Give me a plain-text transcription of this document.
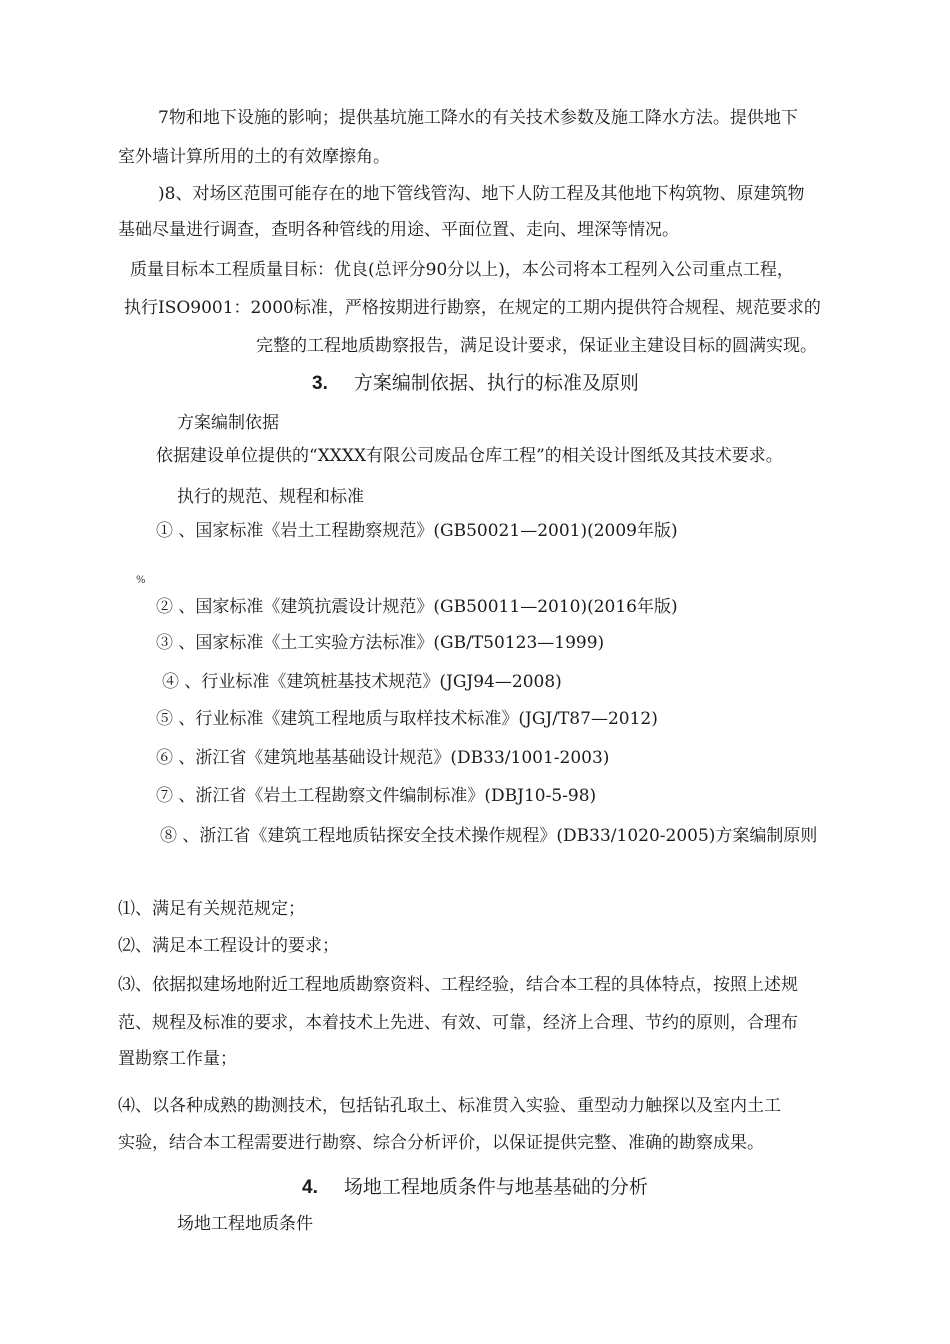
7物和地下设施的影响；提供基坑施工降水的有关技术参数及施工降水方法。提供地下
室外墙计算所用的土的有效摩擦角。
)8、对场区范围可能存在的地下管线管沟、地下人防工程及其他地下构筑物、原建筑物
基础尽量进行调查，查明各种管线的用途、平面位置、走向、埋深等情况。
质量目标本工程质量目标：优良(总评分90分以上)，本公司将本工程列入公司重点工程，
执行ISO9001：2000标准，严格按期进行勘察，在规定的工期内提供符合规程、规范要求的
完整的工程地质勘察报告，满足设计要求，保证业主建设目标的圆满实现。
3. 方案编制依据、执行的标准及原则
方案编制依据
依据建设单位提供的“XXXX有限公司废品仓库工程”的相关设计图纸及其技术要求。
执行的规范、规程和标准
① 、国家标准《岩土工程勘察规范》(GB50021—2001)(2009年版)
%
② 、国家标准《建筑抗震设计规范》(GB50011—2010)(2016年版)
③ 、国家标准《土工实验方法标准》(GB/T50123—1999)
④ 、行业标准《建筑桩基技术规范》(JGJ94—2008)
⑤ 、行业标准《建筑工程地质与取样技术标准》(JGJ/T87—2012)
⑥ 、浙江省《建筑地基基础设计规范》(DB33/1001-2003)
⑦ 、浙江省《岩土工程勘察文件编制标准》(DBJ10-5-98)
⑧ 、浙江省《建筑工程地质钻探安全技术操作规程》(DB33/1020-2005)方案编制原则
⑴、满足有关规范规定；
⑵、满足本工程设计的要求；
⑶、依据拟建场地附近工程地质勘察资料、工程经验，结合本工程的具体特点，按照上述规
范、规程及标准的要求，本着技术上先进、有效、可靠，经济上合理、节约的原则，合理布
置勘察工作量；
⑷、以各种成熟的勘测技术，包括钻孔取土、标准贯入实验、重型动力触探以及室内土工
实验，结合本工程需要进行勘察、综合分析评价，以保证提供完整、准确的勘察成果。
4. 场地工程地质条件与地基基础的分析
场地工程地质条件
